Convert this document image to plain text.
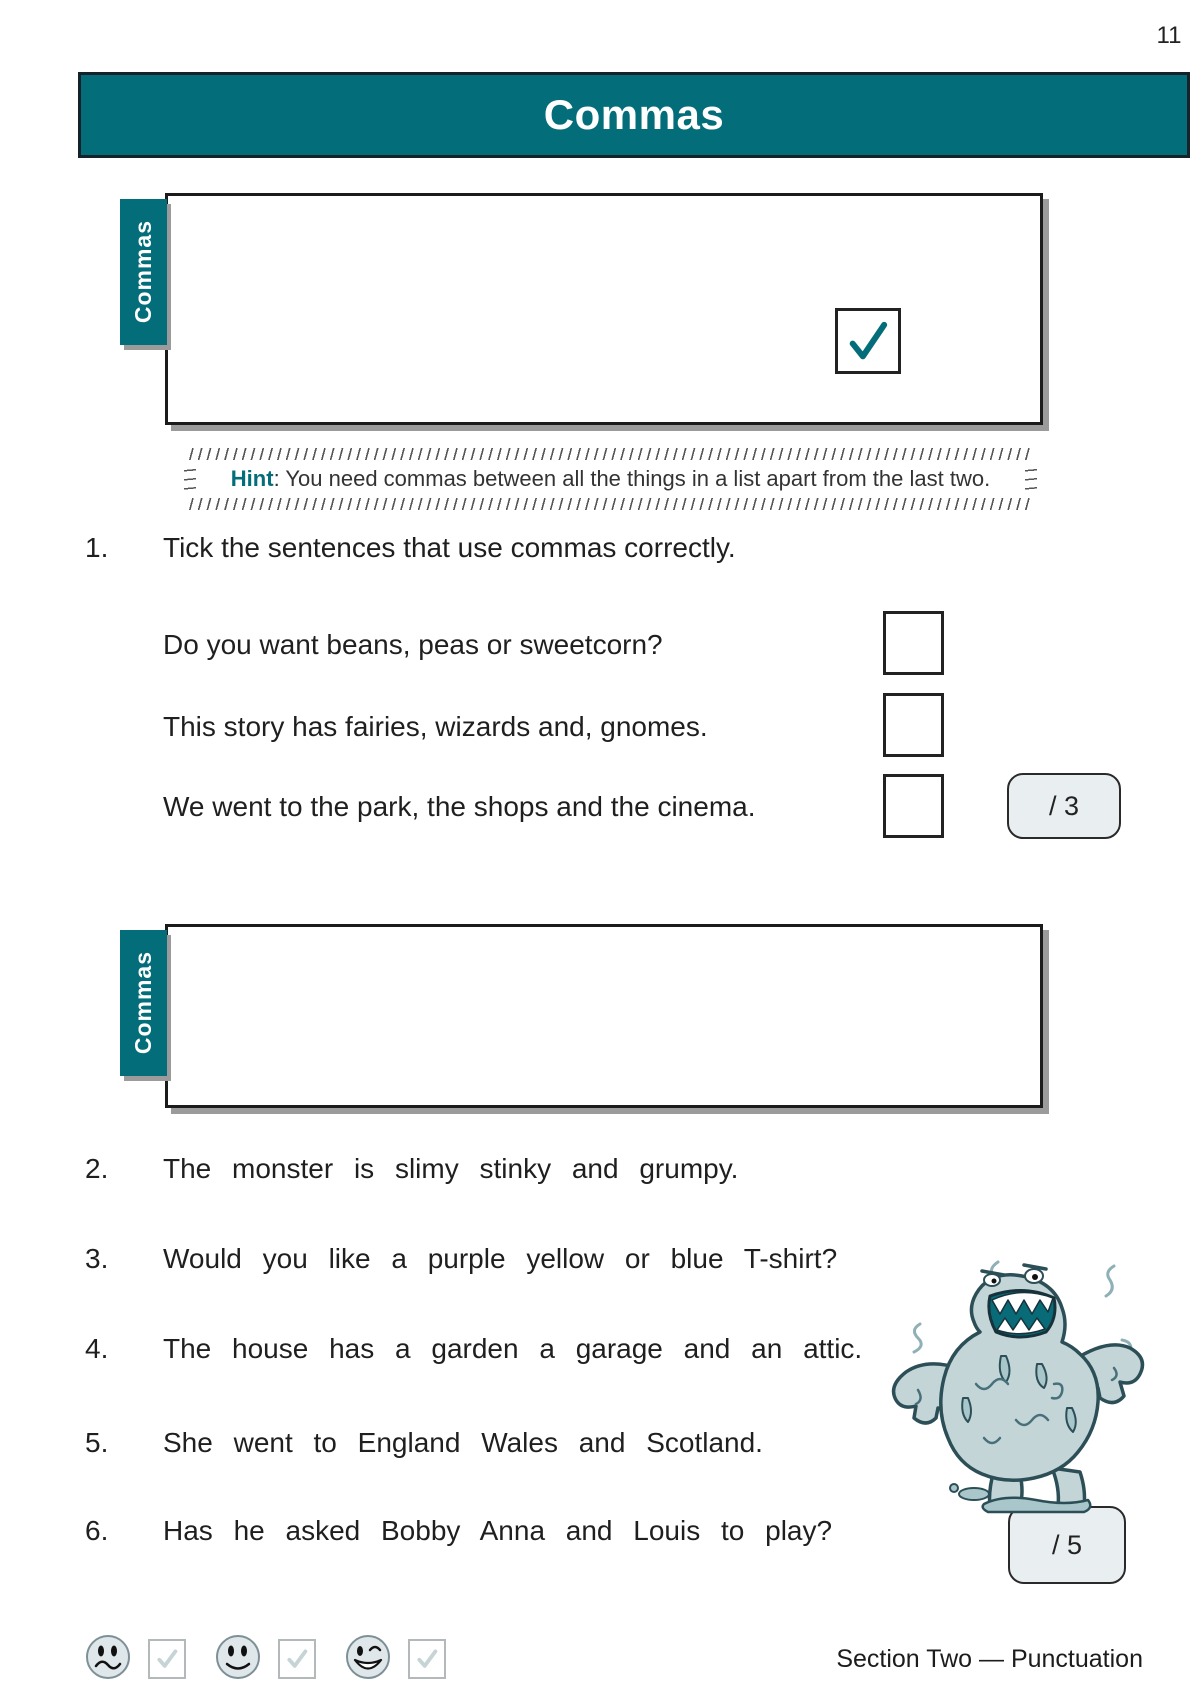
11
Commas
Commas
Hint: You need commas between all the things in a list apart from the last two.
1.	Tick the sentences that use commas correctly.
Do you want beans, peas or sweetcorn?
This story has fairies, wizards and, gnomes.
We went to the park, the shops and the cinema.	/ 3
Commas
2.	The monster is slimy stinky and grumpy.
3.	Would you like a purple yellow or blue T-shirt?
4.	The house has a garden a garage and an attic.
5.	She went to England Wales and Scotland.
6.	Has he asked Bobby Anna and Louis to play?	/ 5
Section Two — Punctuation
